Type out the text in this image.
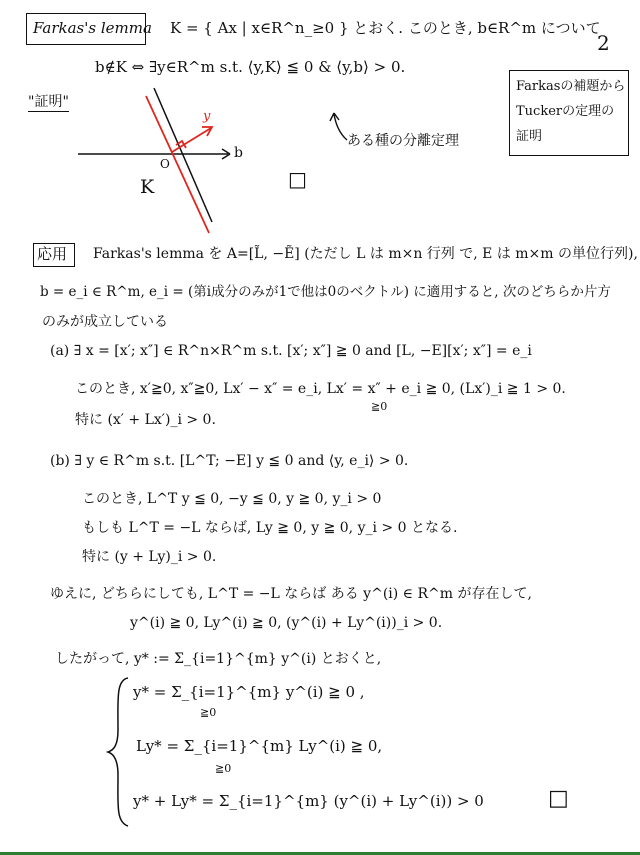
Farkas's lemma K = { Ax | x∈R^n_≥0 } とおく. このとき, b∈R^m について
2
b∉K ⇔ ∃y∈R^m s.t. ⟨y,K⟩ ≦ 0 & ⟨y,b⟩ > 0.
Farkasの補題から
Tuckerの定理の
証明
"証明"
y
b
O
K
ある種の分離定理
□
応用 Farkas's lemma を A=[L̃, −Ẽ] (ただし L は m×n 行列 で, E は m×m の単位行列),
b = e_i ∈ R^m, e_i = (第i成分のみが1で他は0のベクトル) に適用すると, 次のどちらか片方
のみが成立している
(a) ∃ x = [x′; x″] ∈ R^n×R^m s.t. [x′; x″] ≧ 0 and [L, −E][x′; x″] = e_i
このとき, x′≧0, x″≧0, Lx′ − x″ = e_i, Lx′ = x″ + e_i ≧ 0, (Lx′)_i ≧ 1 > 0.
≧0
特に (x′ + Lx′)_i > 0.
(b) ∃ y ∈ R^m s.t. [L^T; −E] y ≦ 0 and ⟨y, e_i⟩ > 0.
このとき, L^T y ≦ 0, −y ≦ 0, y ≧ 0, y_i > 0
もしも L^T = −L ならば, Ly ≧ 0, y ≧ 0, y_i > 0 となる.
特に (y + Ly)_i > 0.
ゆえに, どちらにしても, L^T = −L ならば ある y^(i) ∈ R^m が存在して,
y^(i) ≧ 0, Ly^(i) ≧ 0, (y^(i) + Ly^(i))_i > 0.
したがって, y* := Σ_{i=1}^{m} y^(i) とおくと,
y* = Σ_{i=1}^{m} y^(i) ≧ 0 ,
≧0
Ly* = Σ_{i=1}^{m} Ly^(i) ≧ 0,
≧0
y* + Ly* = Σ_{i=1}^{m} (y^(i) + Ly^(i)) > 0	□
